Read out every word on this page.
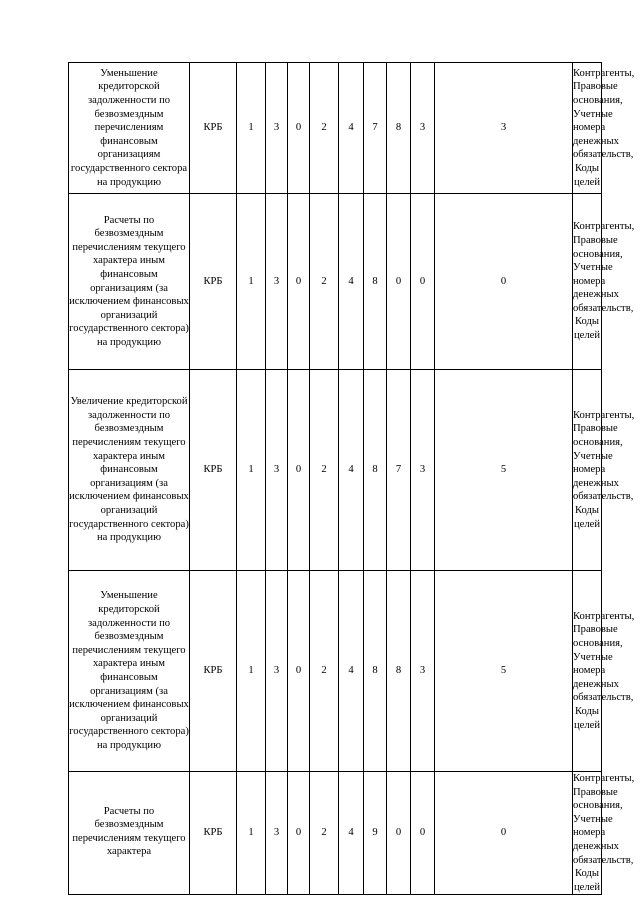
Уменьшение кредиторской задолженности по безвозмездным перечислениям финансовым организациям государственного сектора на продукцию	КРБ	1	3	0	2	4	7	8	3	3	Контрагенты, Правовые основания, Учетные номера денежных обязательств, Коды целей
Расчеты по безвозмездным перечислениям текущего характера иным финансовым организациям (за исключением финансовых организаций государственного сектора) на продукцию	КРБ	1	3	0	2	4	8	0	0	0	Контрагенты, Правовые основания, Учетные номера денежных обязательств, Коды целей
Увеличение кредиторской задолженности по безвозмездным перечислениям текущего характера иным финансовым организациям (за исключением финансовых организаций государственного сектора) на продукцию	КРБ	1	3	0	2	4	8	7	3	5	Контрагенты, Правовые основания, Учетные номера денежных обязательств, Коды целей
Уменьшение кредиторской задолженности по безвозмездным перечислениям текущего характера иным финансовым организациям (за исключением финансовых организаций государственного сектора) на продукцию	КРБ	1	3	0	2	4	8	8	3	5	Контрагенты, Правовые основания, Учетные номера денежных обязательств, Коды целей

Расчеты по безвозмездным перечислениям текущего характера	КРБ	1	3	0	2	4	9	0	0	0	Контрагенты, Правовые основания, Учетные номера денежных обязательств, Коды целей
